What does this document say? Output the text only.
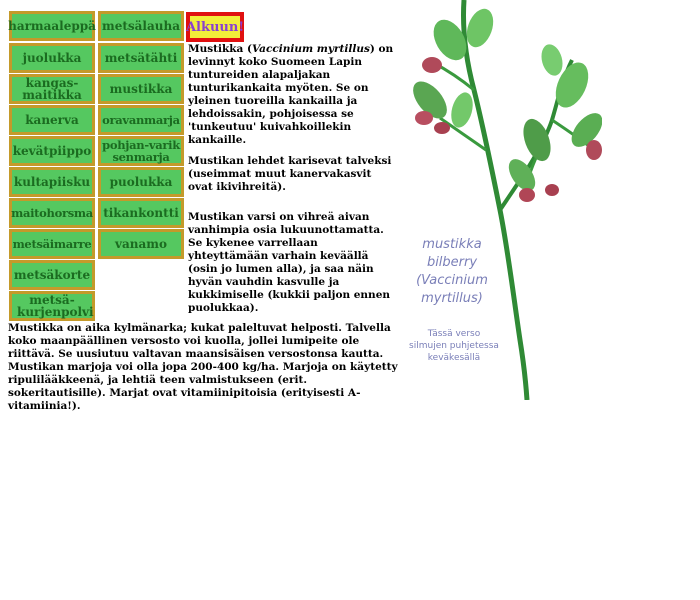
harmaaleppä
juolukka
kangas-maitikka
kanerva
kevätpiippo
kultapiisku
maitohorsma
metsäimarre
metsäkorte
metsä-kurjenpolvi
metsälauha
metsätähti
mustikka
oravanmarja
pohjan-variksenmarja
puolukka
tikankontti
vanamo
Alkuun!
Mustikka (Vaccinium myrtillus) on levinnyt koko Suomeen Lapin tuntureiden alapaljakan tunturikankaita myöten. Se on yleinen tuoreilla kankailla ja lehdoissakin, pohjoisessa se 'tunkeutuu' kuivahkoillekin kankaille.
Mustikan lehdet karisevat talveksi (useimmat muut kanervakasvit ovat ikivihreitä).
Mustikan varsi on vihreä aivan vanhimpia osia lukuunottamatta. Se kykenee varrellaan yhteyttämään varhain keväällä (osin jo lumen alla), ja saa näin hyvän vauhdin kasvulle ja kukkimiselle (kukkii paljon ennen puolukkaa).
Mustikka on aika kylmänarka; kukat paleltuvat helposti. Talvella koko maanpäällinen versosto voi kuolla, jollei lumipeite ole riittävä. Se uusiutuu valtavan maansisäisen versostonsa kautta.
Mustikan marjoja voi olla jopa 200-400 kg/ha. Marjoja on käytetty ripulilääkkeenä, ja lehtiä teen valmistukseen (erit. sokeritautisille). Marjat ovat vitamiinipitoisia (erityisesti A-vitamiinia!).
mustikka
bilberry
(Vaccinium
myrtillus)
Tässä verso
silmujen puhjetessa
keväkesällä
